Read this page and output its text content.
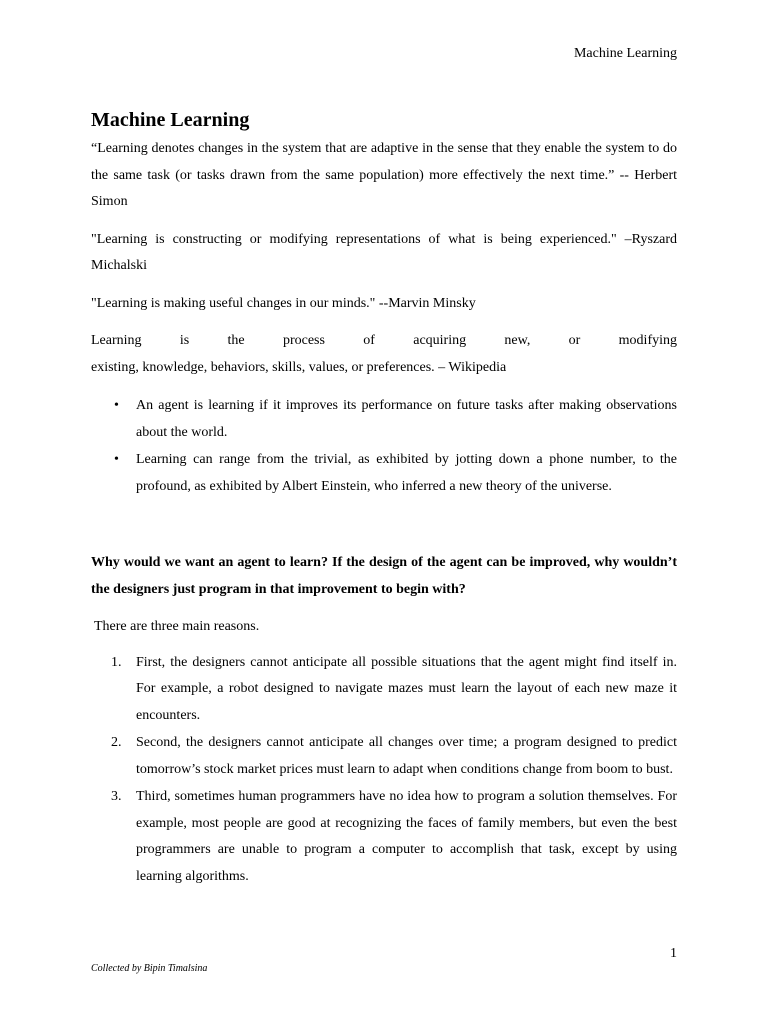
Machine Learning
Machine Learning

“Learning denotes changes in the system that are adaptive in the sense that they enable the system to do the same task (or tasks drawn from the same population) more effectively the next time.” -- Herbert Simon

"Learning is constructing or modifying representations of what is being experienced." –Ryszard Michalski

"Learning is making useful changes in our minds." --Marvin Minsky

Learning is the process of acquiring new, or modifying
existing, knowledge, behaviors, skills, values, or preferences. – Wikipedia
• An agent is learning if it improves its performance on future tasks after making observations about the world.
• Learning can range from the trivial, as exhibited by jotting down a phone number, to the profound, as exhibited by Albert Einstein, who inferred a new theory of the universe.
Why would we want an agent to learn? If the design of the agent can be improved, why wouldn’t the designers just program in that improvement to begin with?
There are three main reasons.
1. First, the designers cannot anticipate all possible situations that the agent might find itself in. For example, a robot designed to navigate mazes must learn the layout of each new maze it encounters.
2. Second, the designers cannot anticipate all changes over time; a program designed to predict tomorrow’s stock market prices must learn to adapt when conditions change from boom to bust.
3. Third, sometimes human programmers have no idea how to program a solution themselves. For example, most people are good at recognizing the faces of family members, but even the best programmers are unable to program a computer to accomplish that task, except by using learning algorithms.
1
Collected by Bipin Timalsina
